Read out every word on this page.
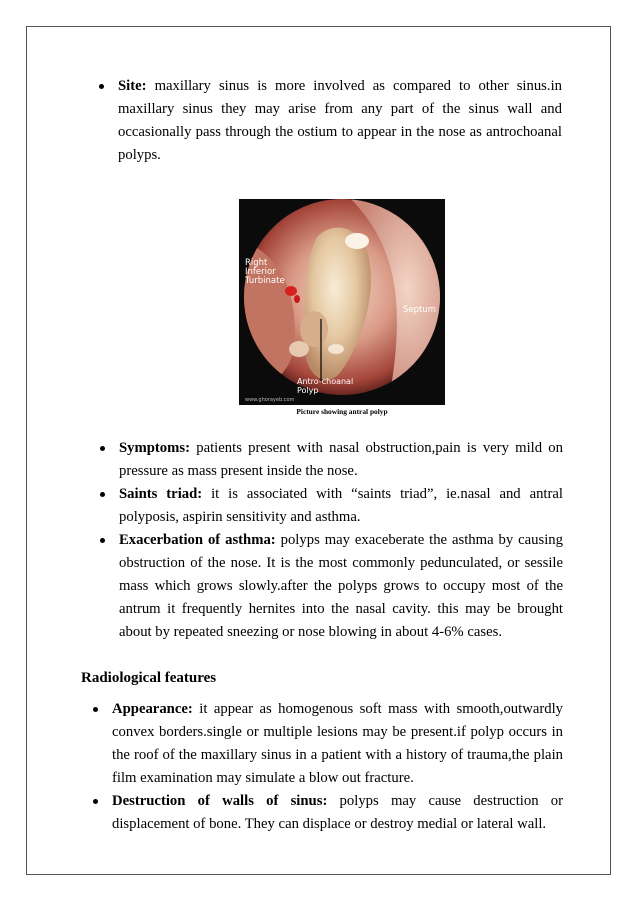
Site: maxillary sinus is more involved as compared to other sinus.in maxillary sinus they may arise from any part of the sinus wall and occasionally pass through the ostium to appear in the nose as antrochoanal polyps.
Right
Inferior
Turbinate
Septum
Antro-choanal
Polyp
www.ghorayeb.com
Picture showing antral polyp
Symptoms: patients present with nasal obstruction,pain is very mild on pressure as mass present inside the nose.
Saints triad: it is associated with “saints triad”, ie.nasal and antral polyposis, aspirin sensitivity and asthma.
Exacerbation of asthma: polyps may exaceberate the asthma by causing obstruction of the nose. It is the most commonly pedunculated, or sessile mass which grows slowly.after the polyps grows to occupy most of the antrum it frequently hernites into the nasal cavity. this may be brought about by repeated sneezing or nose blowing in about 4-6% cases.
Radiological features
Appearance: it appear as homogenous soft mass with smooth,outwardly convex borders.single or multiple lesions may be present.if polyp occurs in the roof of the maxillary sinus in a patient with a history of trauma,the plain film examination may simulate a blow out fracture.
Destruction of walls of sinus: polyps may cause destruction or displacement of bone. They can displace or destroy medial or lateral wall.
